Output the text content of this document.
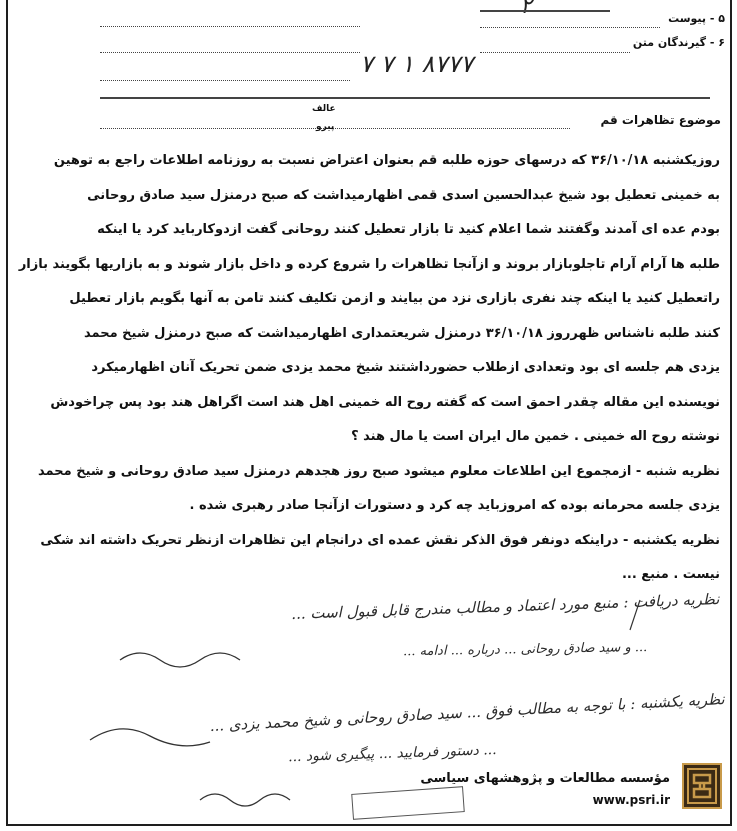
۵ - پیوست
۶ - گیرندگان متن
۷ ۷ ۱ ۸۷۷۷
موضوع تظاهرات قم
عالف
پیرو
روزیکشنبه ۳۶/۱۰/۱۸ که درسهای حوزه طلبه قم بعنوان اعتراض نسبت به روزنامه اطلاعات راجع به توهین
به خمینی تعطیل بود شیخ عبدالحسین اسدی قمی اظهارمیداشت که صبح درمنزل سید صادق روحانی
بودم عده ای آمدند وگفتند شما اعلام کنید تا بازار تعطیل کنند روحانی گفت ازدوکارباید کرد یا اینکه
طلبه ها آرام آرام تاجلوبازار بروند و ازآنجا تظاهرات را شروع کرده و داخل بازار شوند و به بازاریها بگویند بازار
راتعطیل کنید یا اینکه چند نفری بازاری نزد من بیایند و ازمن تکلیف کنند تامن به آنها بگویم بازار تعطیل
کنند طلبه ناشناس ظهرروز ۳۶/۱۰/۱۸ درمنزل شریعتمداری اظهارمیداشت که صبح درمنزل شیخ محمد
یزدی هم جلسه ای بود وتعدادی ازطلاب حضورداشتند شیخ محمد یزدی ضمن تحریک آنان اظهارمیکرد
نویسنده این مقاله چقدر احمق است که گفته روح اله خمینی اهل هند است اگراهل هند بود پس چراخودش
نوشته روح اله خمینی . خمین مال ایران است یا مال هند ؟
نظریه شنبه - ازمجموع این اطلاعات معلوم میشود صبح روز هجدهم درمنزل سید صادق روحانی و شیخ محمد
یزدی جلسه محرمانه بوده که امروزباید چه کرد و دستورات ازآنجا صادر رهبری شده .
نظریه یکشنبه - دراینکه دونفر فوق الذکر نقش عمده ای درانجام این تظاهرات ازنظر تحریک داشته اند شکی
نیست . منبع ...
نظریه دریافت : منبع مورد اعتماد و مطالب مندرج قابل قبول است ...
... و سید صادق روحانی ... درباره ... ادامه ...
نظریه یکشنبه : با توجه به مطالب فوق ... سید صادق روحانی و شیخ محمد یزدی ...
... دستور فرمایید ... پیگیری شود ...
مؤسسه مطالعات و پژوهشهای سیاسی
www.psri.ir
